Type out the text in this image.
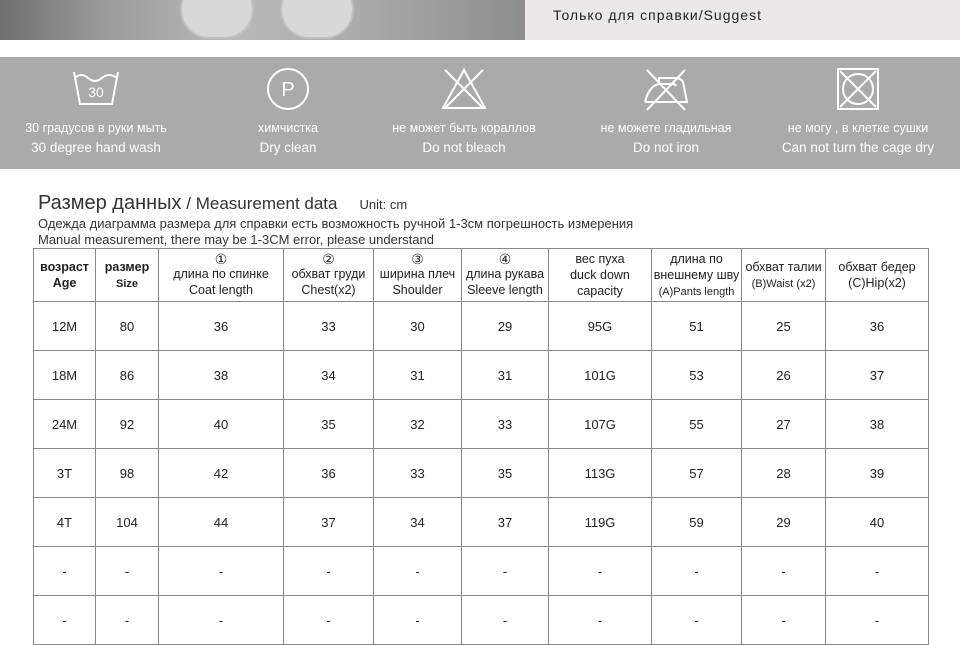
Только для справки/Suggest
30
30 градусов в руки мыть
30 degree hand wash
P
химчистка
Dry clean
не может быть кораллов
Do not bleach
не можете гладильная
Do not iron
не могу , в клетке сушки
Can not turn the cage dry
Размер данных / Measurement data Unit: cm
Одежда диаграмма размера для справки есть возможность ручной 1-3см погрешность измерения
Manual measurement, there may be 1-3CM error, please understand
возраст
Age	размер
Size	①
длина по спинке
Coat length	②
обхват груди
Chest(x2)	③
ширина плеч
Shoulder	④
длина рукава
Sleeve length	вес пуха
duck down
capacity	длина по
внешнему шву
(A)Pants length	обхват талии
(B)Waist (x2)	обхват бедер
(C)Hip(x2)
12M	80	36	33	30	29	95G	51	25	36
18M	86	38	34	31	31	101G	53	26	37
24M	92	40	35	32	33	107G	55	27	38
3T	98	42	36	33	35	113G	57	28	39
4T	104	44	37	34	37	119G	59	29	40
-	-	-	-	-	-	-	-	-	-
-	-	-	-	-	-	-	-	-	-
